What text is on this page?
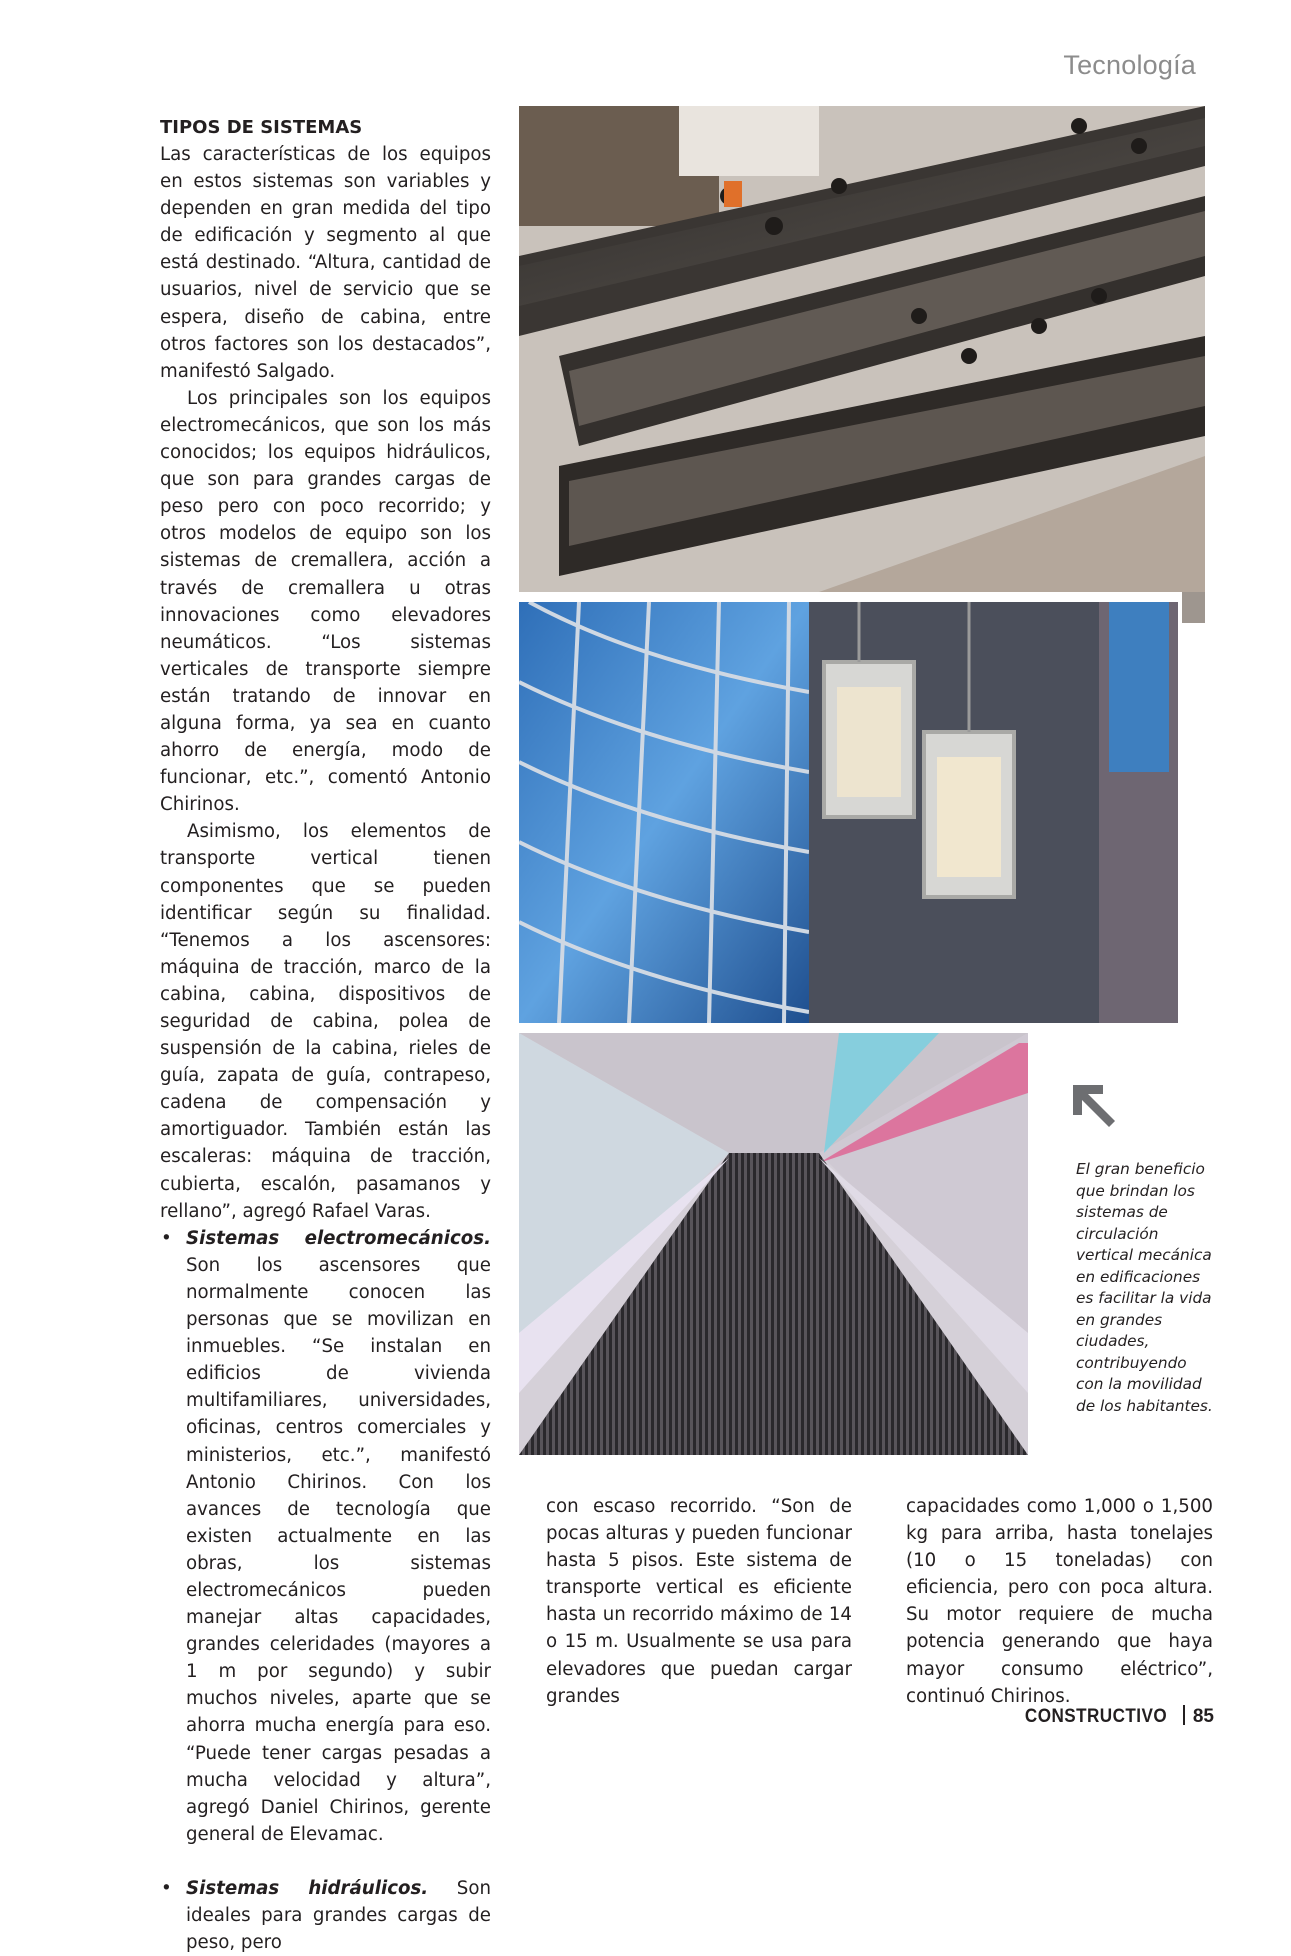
Tecnología
TIPOS DE SISTEMAS

Las características de los equipos en estos sistemas son variables y dependen en gran medida del tipo de edificación y segmento al que está destinado. “Altura, cantidad de usuarios, nivel de servicio que se espera, diseño de cabina, entre otros factores son los destacados”, manifestó Salgado.

Los principales son los equipos electromecánicos, que son los más conocidos; los equipos hidráulicos, que son para grandes cargas de peso pero con poco recorrido; y otros modelos de equipo son los sistemas de cremallera, acción a través de cremallera u otras innovaciones como elevadores neumáticos. “Los sistemas verticales de transporte siempre están tratando de innovar en alguna forma, ya sea en cuanto ahorro de energía, modo de funcionar, etc.”, comentó Antonio Chirinos.

Asimismo, los elementos de transporte vertical tienen componentes que se pueden identificar según su finalidad. “Tenemos a los ascensores: máquina de tracción, marco de la cabina, cabina, dispositivos de seguridad de cabina, polea de suspensión de la cabina, rieles de guía, zapata de guía, contrapeso, cadena de compensación y amortiguador. También están las escaleras: máquina de tracción, cubierta, escalón, pasamanos y rellano”, agregó Rafael Varas.

• Sistemas electromecánicos. Son los ascensores que normalmente conocen las personas que se movilizan en inmuebles. “Se instalan en edificios de vivienda multifamiliares, universidades, oficinas, centros comerciales y ministerios, etc.”, manifestó Antonio Chirinos. Con los avances de tecnología que existen actualmente en las obras, los sistemas electromecánicos pueden manejar altas capacidades, grandes celeridades (mayores a 1 m por segundo) y subir muchos niveles, aparte que se ahorra mucha energía para eso. “Puede tener cargas pesadas a mucha velocidad y altura”, agregó Daniel Chirinos, gerente general de Elevamac.
• Sistemas hidráulicos. Son ideales para grandes cargas de peso, pero

con escaso recorrido. “Son de pocas alturas y pueden funcionar hasta 5 pisos. Este sistema de transporte vertical es eficiente hasta un recorrido máximo de 14 o 15 m. Usualmente se usa para elevadores que puedan cargar grandes

capacidades como 1,000 o 1,500 kg para arriba, hasta tonelajes (10 o 15 toneladas) con eficiencia, pero con poca altura. Su motor requiere de mucha potencia generando que haya mayor consumo eléctrico”, continuó Chirinos.

El gran beneficio que brindan los sistemas de circulación vertical mecánica en edificaciones es facilitar la vida en grandes ciudades, contribuyendo con la movilidad de los habitantes.

CONSTRUCTIVO 85
